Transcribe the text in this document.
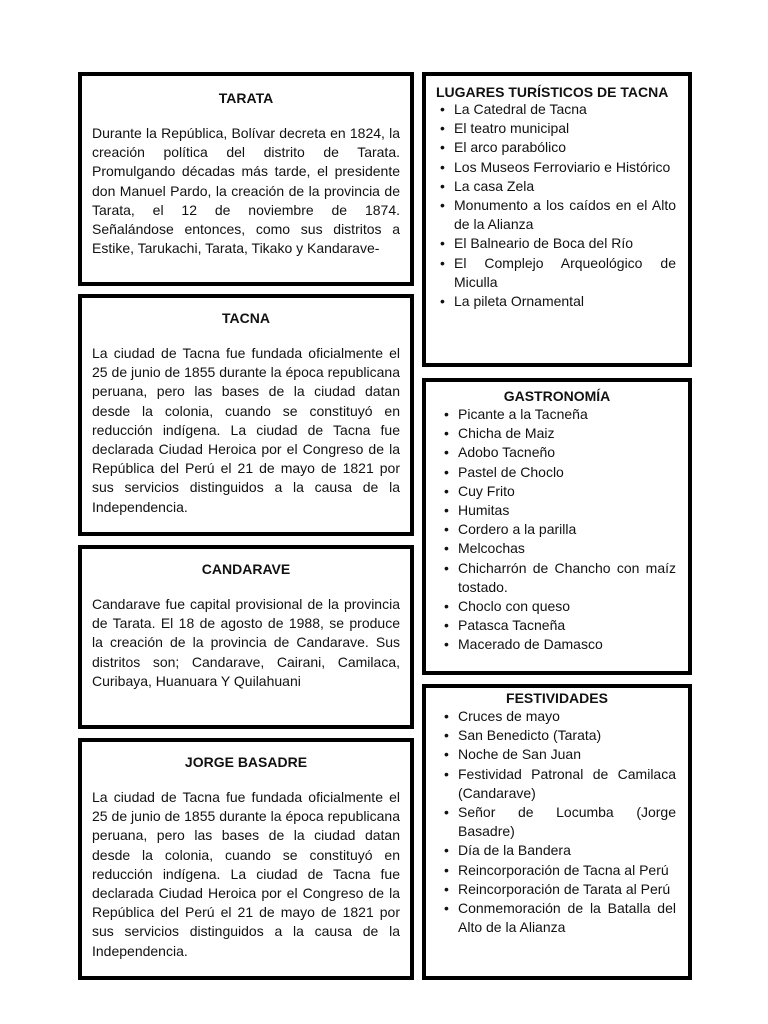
TARATA

Durante la República, Bolívar decreta en 1824, la creación política del distrito de Tarata. Promulgando décadas más tarde, el presidente don Manuel Pardo, la creación de la provincia de Tarata, el 12 de noviembre de 1874. Señalándose entonces, como sus distritos a Estike, Tarukachi, Tarata, Tikako y Kandarave-

TACNA

La ciudad de Tacna fue fundada oficialmente el 25 de junio de 1855 durante la época republicana peruana, pero las bases de la ciudad datan desde la colonia, cuando se constituyó en reducción indígena. La ciudad de Tacna fue declarada Ciudad Heroica por el Congreso de la República del Perú el 21 de mayo de 1821 por sus servicios distinguidos a la causa de la Independencia.

CANDARAVE

Candarave fue capital provisional de la provincia de Tarata. El 18 de agosto de 1988, se produce la creación de la provincia de Candarave. Sus distritos son; Candarave, Cairani, Camilaca, Curibaya, Huanuara Y Quilahuani

JORGE BASADRE

La ciudad de Tacna fue fundada oficialmente el 25 de junio de 1855 durante la época republicana peruana, pero las bases de la ciudad datan desde la colonia, cuando se constituyó en reducción indígena. La ciudad de Tacna fue declarada Ciudad Heroica por el Congreso de la República del Perú el 21 de mayo de 1821 por sus servicios distinguidos a la causa de la Independencia.

LUGARES TURÍSTICOS DE TACNA
• La Catedral de Tacna
• El teatro municipal
• El arco parabólico
• Los Museos Ferroviario e Histórico
• La casa Zela
• Monumento a los caídos en el Alto de la Alianza
• El Balneario de Boca del Río
• El Complejo Arqueológico de Miculla
• La pileta Ornamental
GASTRONOMÍA
• Picante a la Tacneña
• Chicha de Maiz
• Adobo Tacneño
• Pastel de Choclo
• Cuy Frito
• Humitas
• Cordero a la parilla
• Melcochas
• Chicharrón de Chancho con maíz tostado.
• Choclo con queso
• Patasca Tacneña
• Macerado de Damasco
FESTIVIDADES
• Cruces de mayo
• San Benedicto (Tarata)
• Noche de San Juan
• Festividad Patronal de Camilaca (Candarave)
• Señor de Locumba (Jorge Basadre)
• Día de la Bandera
• Reincorporación de Tacna al Perú
• Reincorporación de Tarata al Perú
• Conmemoración de la Batalla del Alto de la Alianza
